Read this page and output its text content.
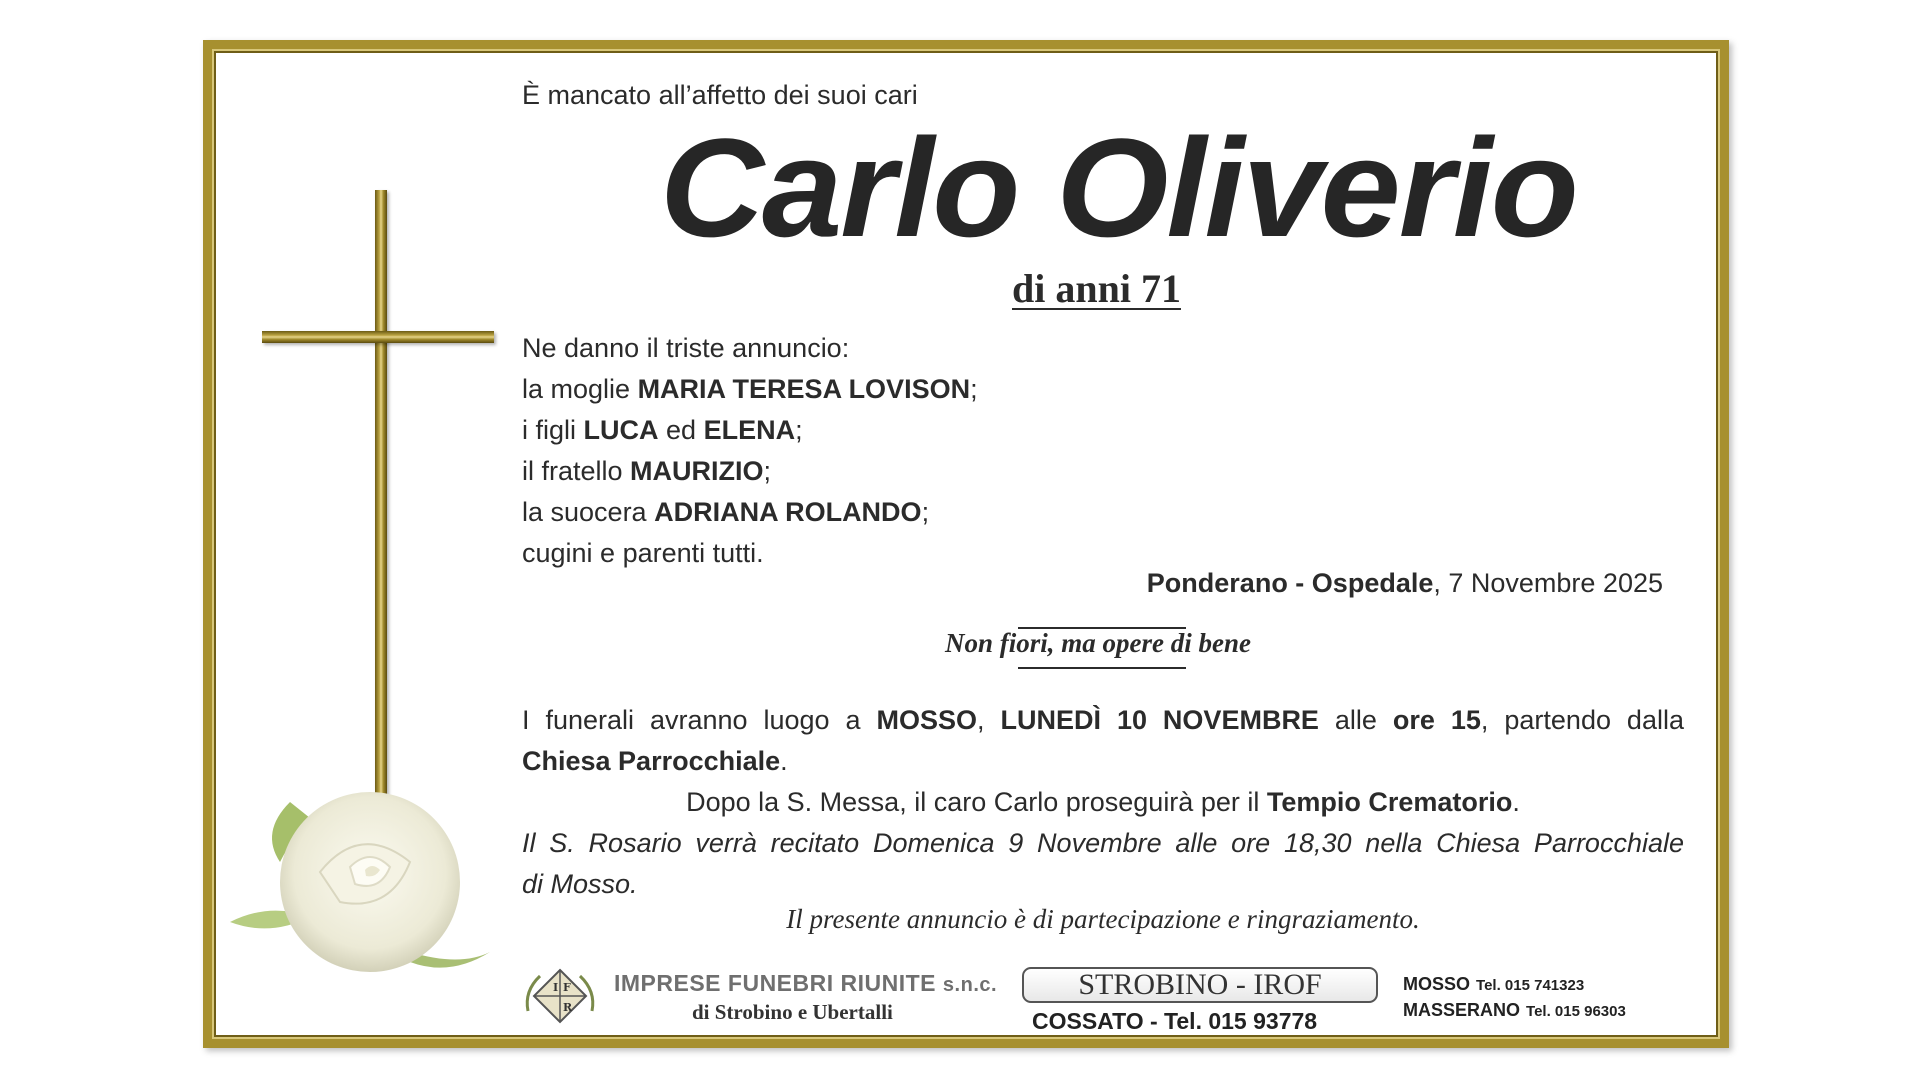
È mancato all’affetto dei suoi cari
Carlo Oliverio
di anni 71
Ne danno il triste annuncio:
la moglie MARIA TERESA LOVISON;
i figli LUCA ed ELENA;
il fratello MAURIZIO;
la suocera ADRIANA ROLANDO;
cugini e parenti tutti.
Ponderano - Ospedale, 7 Novembre 2025
Non fiori, ma opere di bene

I funerali avranno luogo a MOSSO, LUNEDÌ 10 NOVEMBRE alle ore 15, partendo dalla

Chiesa Parrocchiale.

Dopo la S. Messa, il caro Carlo proseguirà per il Tempio Crematorio.

Il S. Rosario verrà recitato Domenica 9 Novembre alle ore 18,30 nella Chiesa Parrocchiale

di Mosso.

Il presente annuncio è di partecipazione e ringraziamento.
I F
R
IMPRESE FUNEBRI RIUNITE s.n.c.
di Strobino e Ubertalli
STROBINO - IROF
COSSATO - Tel. 015 93778
MOSSO Tel. 015 741323
MASSERANO Tel. 015 96303
